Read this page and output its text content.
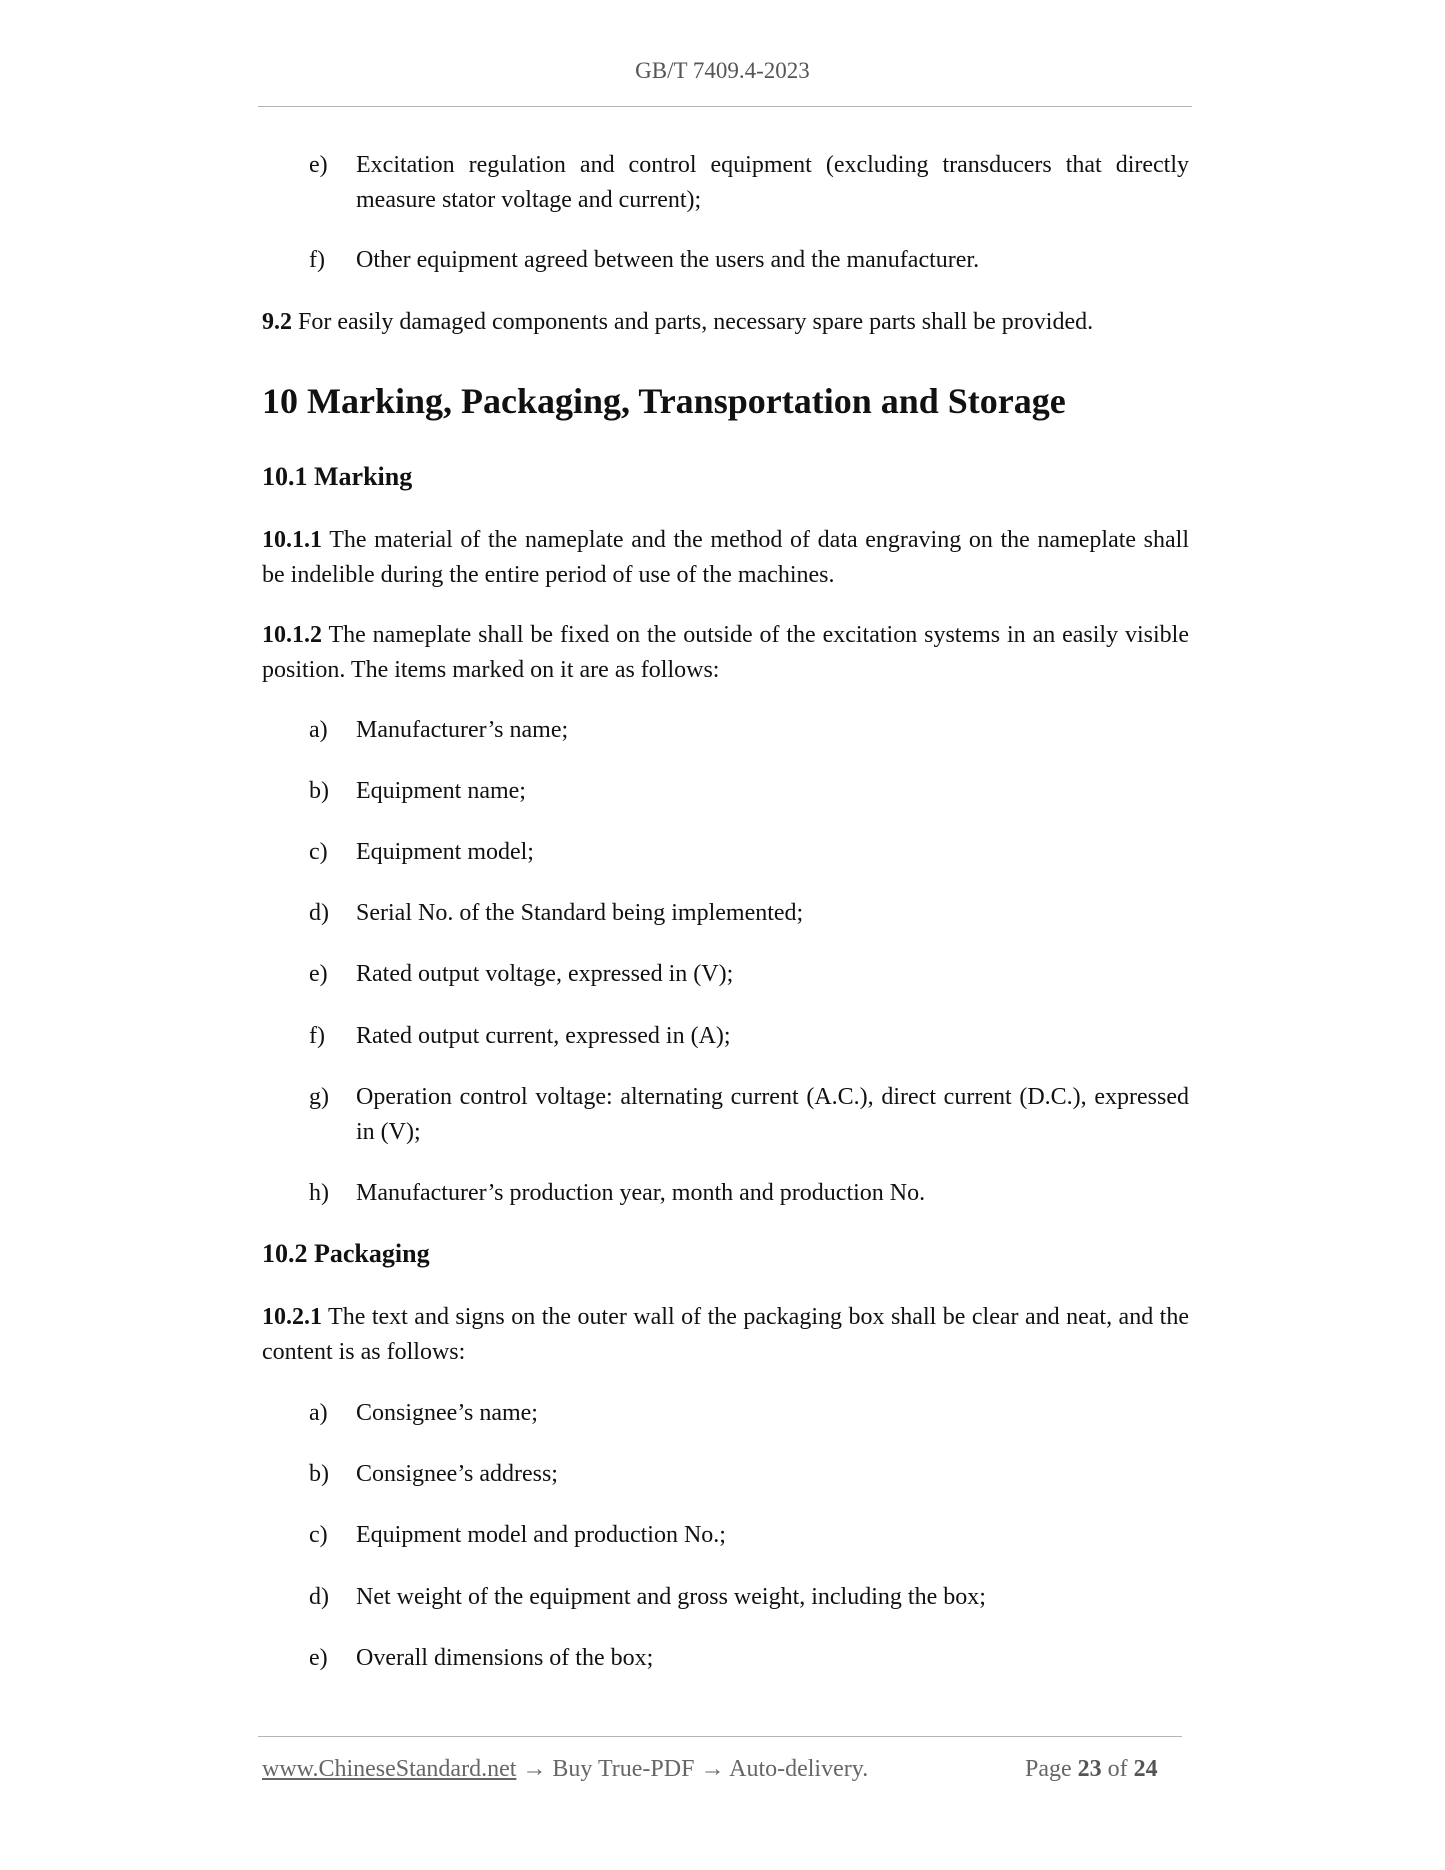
GB/T 7409.4-2023
e) Excitation regulation and control equipment (excluding transducers that directly measure stator voltage and current);
f) Other equipment agreed between the users and the manufacturer.
9.2 For easily damaged components and parts, necessary spare parts shall be provided.
10 Marking, Packaging, Transportation and Storage
10.1 Marking
10.1.1 The material of the nameplate and the method of data engraving on the nameplate shall be indelible during the entire period of use of the machines.
10.1.2 The nameplate shall be fixed on the outside of the excitation systems in an easily visible position. The items marked on it are as follows:
a) Manufacturer’s name;
b) Equipment name;
c) Equipment model;
d) Serial No. of the Standard being implemented;
e) Rated output voltage, expressed in (V);
f) Rated output current, expressed in (A);
g) Operation control voltage: alternating current (A.C.), direct current (D.C.), expressed in (V);
h) Manufacturer’s production year, month and production No.
10.2 Packaging
10.2.1 The text and signs on the outer wall of the packaging box shall be clear and neat, and the content is as follows:
a) Consignee’s name;
b) Consignee’s address;
c) Equipment model and production No.;
d) Net weight of the equipment and gross weight, including the box;
e) Overall dimensions of the box;
www.ChineseStandard.net → Buy True-PDF → Auto-delivery.	Page 23 of 24
